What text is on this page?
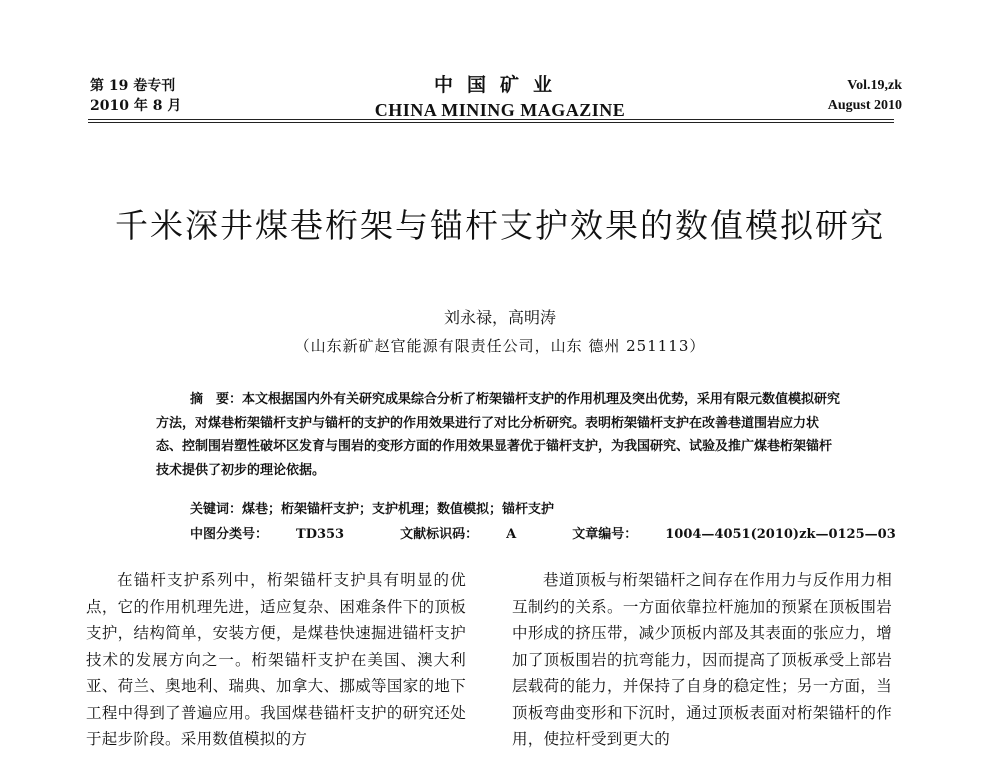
第 19 卷专刊
2010 年 8 月
中国矿业
CHINA MINING MAGAZINE
Vol.19,zk
August 2010
千米深井煤巷桁架与锚杆支护效果的数值模拟研究
刘永禄，高明涛
（山东新矿赵官能源有限责任公司，山东 德州 251113）
摘　要：本文根据国内外有关研究成果综合分析了桁架锚杆支护的作用机理及突出优势，采用有限元数值模拟研究方法，对煤巷桁架锚杆支护与锚杆的支护的作用效果进行了对比分析研究。表明桁架锚杆支护在改善巷道围岩应力状态、控制围岩塑性破坏区发育与围岩的变形方面的作用效果显著优于锚杆支护，为我国研究、试验及推广煤巷桁架锚杆技术提供了初步的理论依据。
关键词：煤巷；桁架锚杆支护；支护机理；数值模拟；锚杆支护
中图分类号： TD353	文献标识码： A	文章编号： 1004—4051(2010)zk—0125—03

在锚杆支护系列中，桁架锚杆支护具有明显的优点，它的作用机理先进，适应复杂、困难条件下的顶板支护，结构简单，安装方便，是煤巷快速掘进锚杆支护技术的发展方向之一。桁架锚杆支护在美国、澳大利亚、荷兰、奥地利、瑞典、加拿大、挪威等国家的地下工程中得到了普遍应用。我国煤巷锚杆支护的研究还处于起步阶段。采用数值模拟的方

巷道顶板与桁架锚杆之间存在作用力与反作用力相互制约的关系。一方面依靠拉杆施加的预紧在顶板围岩中形成的挤压带，减少顶板内部及其表面的张应力，增加了顶板围岩的抗弯能力，因而提高了顶板承受上部岩层载荷的能力，并保持了自身的稳定性；另一方面，当顶板弯曲变形和下沉时，通过顶板表面对桁架锚杆的作用，使拉杆受到更大的
